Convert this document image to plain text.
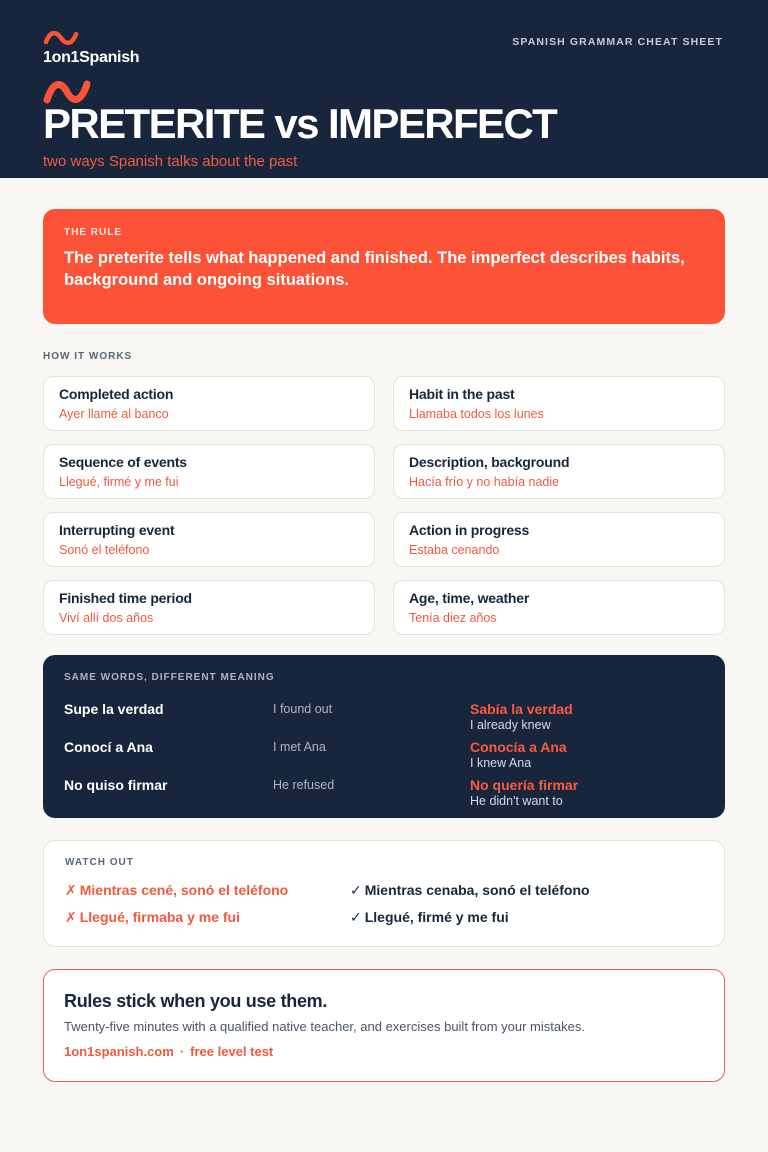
1on1Spanish
SPANISH GRAMMAR CHEAT SHEET
PRETERITE vs IMPERFECT
two ways Spanish talks about the past
THE RULE
The preterite tells what happened and finished. The imperfect describes habits, background and ongoing situations.
HOW IT WORKS
Completed action
Ayer llamé al banco
Habit in the past
Llamaba todos los lunes
Sequence of events
Llegué, firmé y me fui
Description, background
Hacía frío y no había nadie
Interrupting event
Sonó el teléfono
Action in progress
Estaba cenando
Finished time period
Viví allí dos años
Age, time, weather
Tenía diez años
SAME WORDS, DIFFERENT MEANING
Supe la verdad	I found out	Sabía la verdad
I already knew
Conocí a Ana	I met Ana	Conocía a Ana
I knew Ana
No quiso firmar	He refused	No quería firmar
He didn't want to
WATCH OUT
✗ Mientras cené, sonó el teléfono	✓ Mientras cenaba, sonó el teléfono
✗ Llegué, firmaba y me fui	✓ Llegué, firmé y me fui
Rules stick when you use them.
Twenty-five minutes with a qualified native teacher, and exercises built from your mistakes.
1on1spanish.com · free level test
